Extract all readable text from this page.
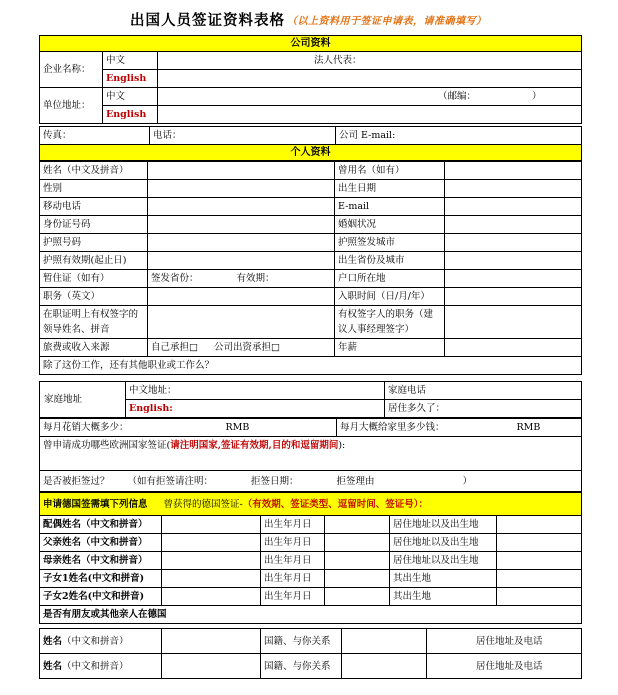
出国人员签证资料表格 （以上资料用于签证申请表，请准确填写）
公司资料		
企业名称：	中文	法人代表：
	English	
单位地址：	中文	（邮编： ）
	English	
传真：	电话：	公司 E-mail:
个人资料
姓名（中文及拼音）		曾用名（如有）	
性别		出生日期	
移动电话		E-mail	
身份证号码		婚姻状况	
护照号码		护照签发城市	
护照有效期(起止日)		出生省份及城市	
暂住证（如有）	签发省份： 有效期：	户口所在地	
职务（英文）		入职时间（日/月/年）	
在职证明上有权签字的领导姓名、拼音		有权签字人的职务（建议人事经理签字）	
旅费或收入来源	自己承担□ 公司出资承担□	年薪	
除了这份工作，还有其他职业或工作么？			
家庭地址	中文地址：	家庭电话
	English:	居住多久了：
每月花销大概多少：	RMB	每月大概给家里多少钱：	RMB
曾申请成功哪些欧洲国家签证(请注明国家,签证有效期,目的和逗留期间):
是否被拒签过？ （如有拒签请注明：	拒签日期：	拒签理由	）
申请德国签需填下列信息 曾获得的德国签证-（有效期、签证类型、逗留时间、签证号）：					
配偶姓名（中文和拼音）		出生年月日		居住地址以及出生地	
父亲姓名（中文和拼音）		出生年月日		居住地址以及出生地	
母亲姓名（中文和拼音）		出生年月日		居住地址以及出生地	
子女1姓名(中文和拼音)		出生年月日		其出生地	
子女2姓名(中文和拼音)		出生年月日		其出生地	
是否有朋友或其他亲人在德国					
姓名（中文和拼音）		国籍、与你关系		居住地址及电话
姓名（中文和拼音）		国籍、与你关系		居住地址及电话
